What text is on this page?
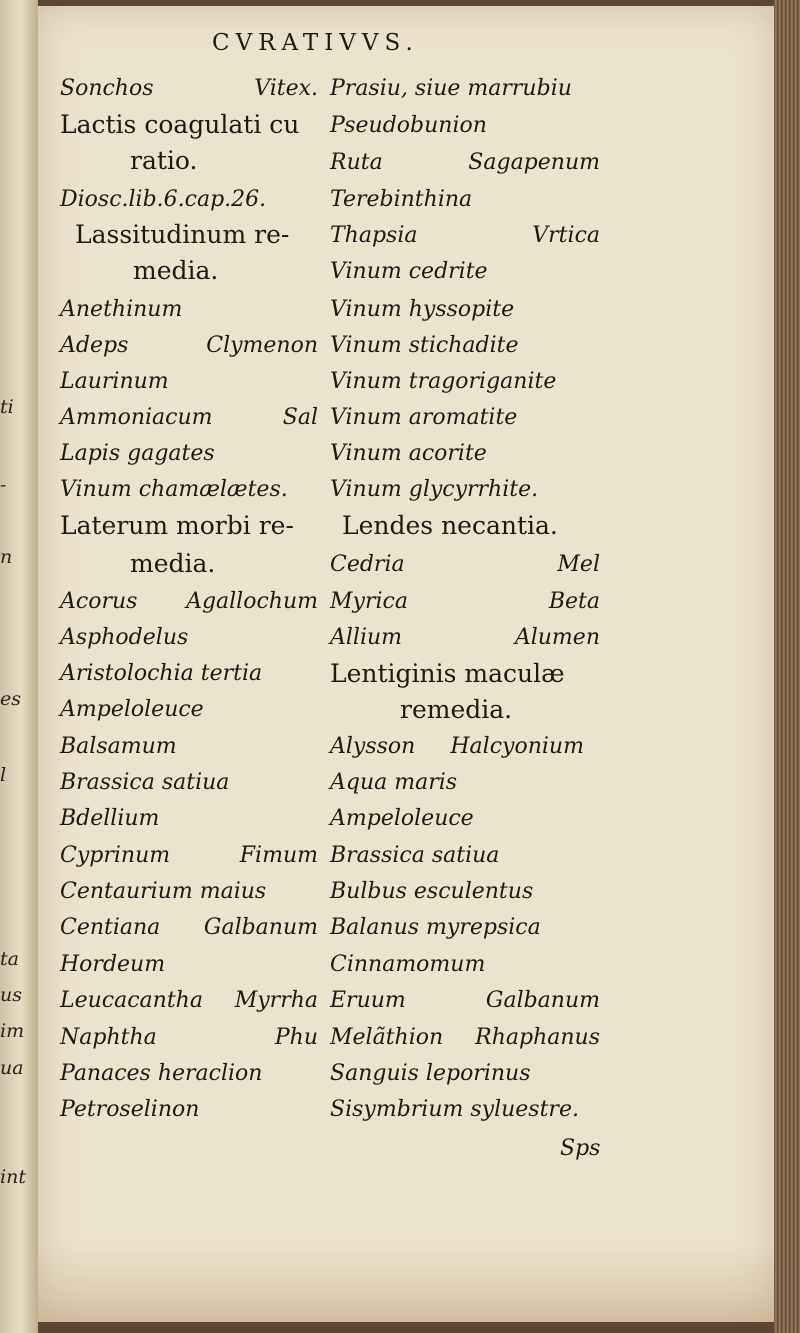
ti
-
n
es
l
ta
us
im
ua
int
CVRATIVVS.
Sonchos	Vitex.
Lactis coagulati cu
ratio.
Diosc.lib.6.cap.26.
Lassitudinum re-
media.
Anethinum
Adeps	Clymenon
Laurinum
Ammoniacum	Sal
Lapis gagates
Vinum chamælætes.
Laterum morbi re-
media.
Acorus Agallochum
Asphodelus
Aristolochia tertia
Ampeloleuce
Balsamum
Brassica satiua
Bdellium
Cyprinum	Fimum
Centaurium maius
Centiana Galbanum
Hordeum
Leucacantha Myrrha
Naphtha	Phu
Panaces heraclion
Petroselinon
Prasiu, siue marrubiu
Pseudobunion
Ruta	Sagapenum
Terebinthina
Thapsia	Vrtica
Vinum cedrite
Vinum hyssopite
Vinum stichadite
Vinum tragoriganite
Vinum aromatite
Vinum acorite
Vinum glycyrrhite.
Lendes necantia.
Cedria	Mel
Myrica	Beta
Allium	Alumen
Lentiginis maculæ
remedia.
Alysson Halcyonium
Aqua maris
Ampeloleuce
Brassica satiua
Bulbus esculentus
Balanus myrepsica
Cinnamomum
Eruum	Galbanum
Melãthion Rhaphanus
Sanguis leporinus
Sisymbrium syluestre.
Sps
